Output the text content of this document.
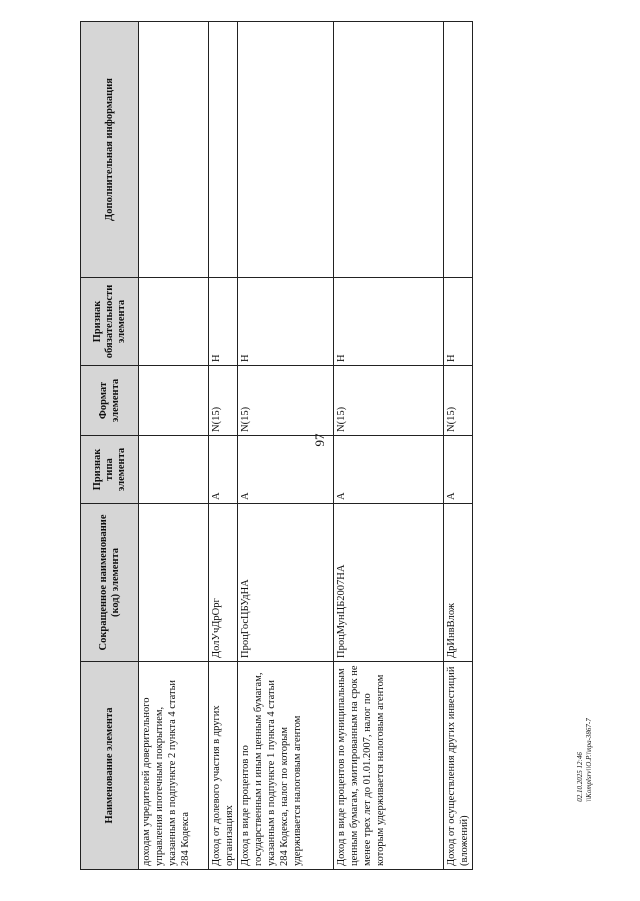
97
Наименование элемента	Сокращенное наименование (код) элемента	Признак типа элемента	Формат элемента	Признак обязательности элемента	Дополнительная информация
доходам учредителей доверительного управления ипотечным покрытием, указанным в подпункте 2 пункта 4 статьи 284 Кодекса					
Доход от долевого участия в других организациях	ДолУчДрОрг	А	N(15)	Н	
Доход в виде процентов по государственным и иным ценным бумагам, указанным в подпункте 1 пункта 4 статьи 284 Кодекса, налог по которым удерживается налоговым агентом	ПроцГосЦБУдНА	А	N(15)	Н	
Доход в виде процентов по муниципальным ценным бумагам, эмитированным на срок не менее трех лет до 01.01.2007, налог по которым удерживается налоговым агентом	ПроцМунЦБ2007НА	А	N(15)	Н	
Доход от осуществления других инвестиций (вложений)	ДрИнвВлож	А	N(15)	Н	
02.10.2025 12:46 \\Komplsrv\\O.P.\\npa-3867-7
